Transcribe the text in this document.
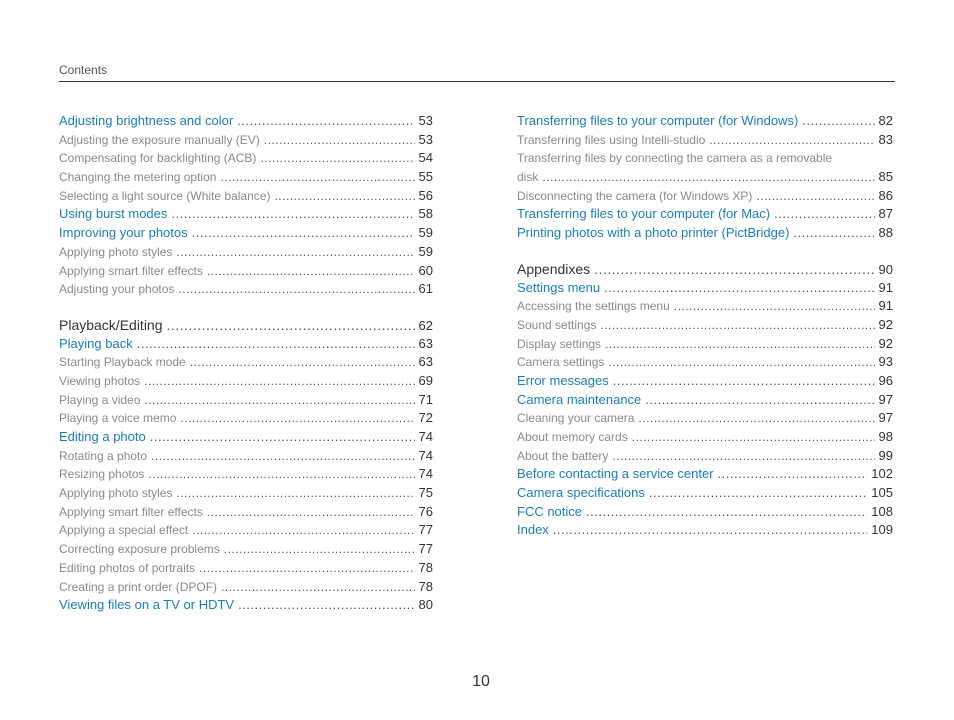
Contents
Adjusting brightness and color .....	53
Adjusting the exposure manually (EV) .....	53
Compensating for backlighting (ACB) .....	54
Changing the metering option .....	55
Selecting a light source (White balance) .....	56
Using burst modes .....	58
Improving your photos .....	59
Applying photo styles .....	59
Applying smart filter effects .....	60
Adjusting your photos .....	61
Playback/Editing .....	62
Playing back .....	63
Starting Playback mode .....	63
Viewing photos .....	69
Playing a video .....	71
Playing a voice memo .....	72
Editing a photo .....	74
Rotating a photo .....	74
Resizing photos .....	74
Applying photo styles .....	75
Applying smart filter effects .....	76
Applying a special effect .....	77
Correcting exposure problems .....	77
Editing photos of portraits .....	78
Creating a print order (DPOF) .....	78
Viewing files on a TV or HDTV .....	80
Transferring files to your computer (for Windows) .....	82
Transferring files using Intelli-studio .....	83
Transferring files by connecting the camera as a removable
disk .....	85
Disconnecting the camera (for Windows XP) .....	86
Transferring files to your computer (for Mac) .....	87
Printing photos with a photo printer (PictBridge) .....	88
Appendixes .....	90
Settings menu .....	91
Accessing the settings menu .....	91
Sound settings .....	92
Display settings .....	92
Camera settings .....	93
Error messages .....	96
Camera maintenance .....	97
Cleaning your camera .....	97
About memory cards .....	98
About the battery .....	99
Before contacting a service center .....	102
Camera specifications .....	105
FCC notice .....	108
Index .....	109
10
